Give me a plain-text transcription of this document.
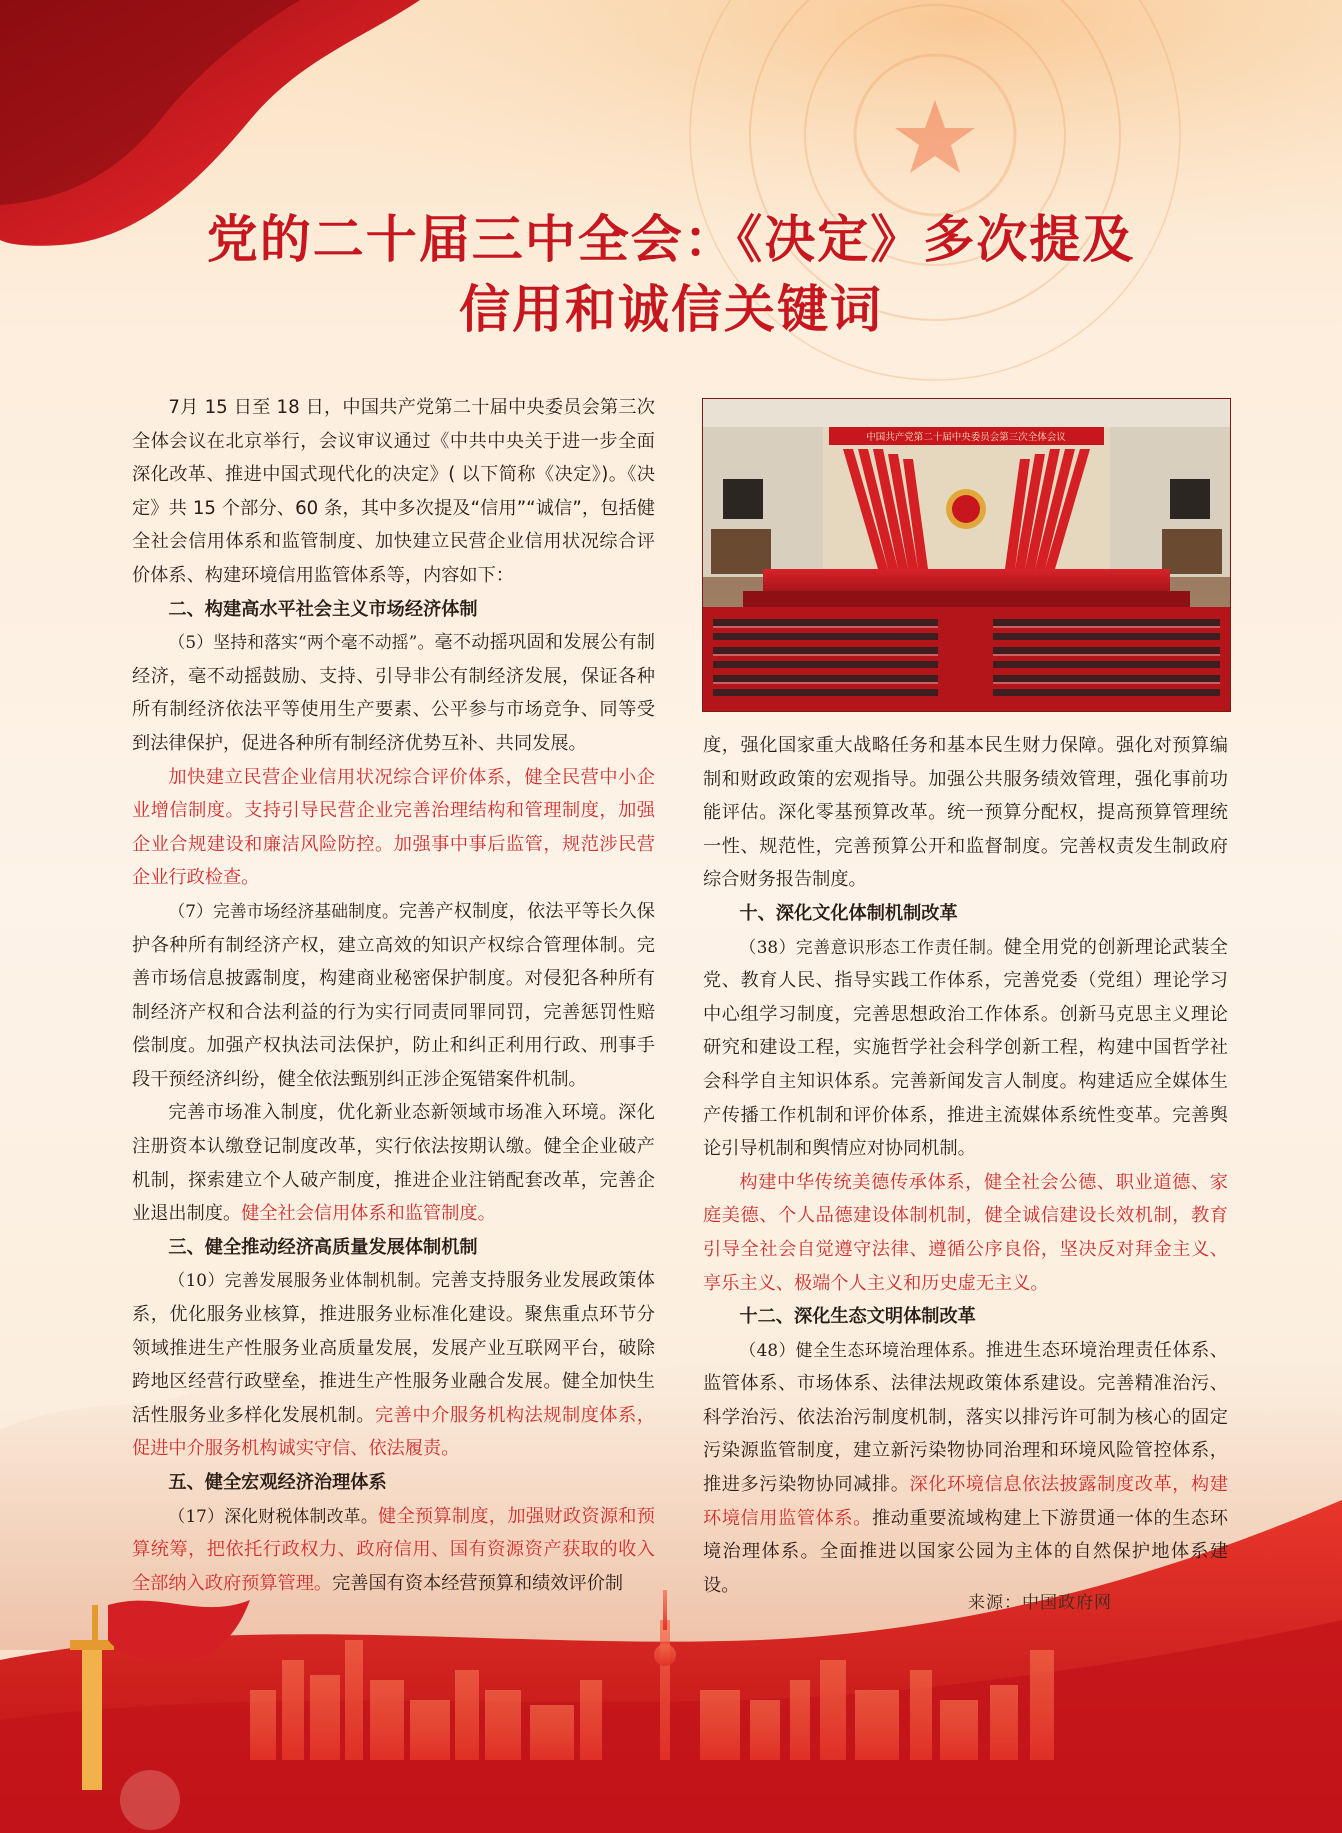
党的二十届三中全会：《决定》多次提及
信用和诚信关键词

7月 15 日至 18 日，中国共产党第二十届中央委员会第三次全体会议在北京举行，会议审议通过《中共中央关于进一步全面深化改革、推进中国式现代化的决定》( 以下简称《决定》)。《决定》共 15 个部分、60 条，其中多次提及“信用”“诚信”，包括健全社会信用体系和监管制度、加快建立民营企业信用状况综合评价体系、构建环境信用监管体系等，内容如下：

二、构建高水平社会主义市场经济体制

（5）坚持和落实“两个毫不动摇”。毫不动摇巩固和发展公有制经济，毫不动摇鼓励、支持、引导非公有制经济发展，保证各种所有制经济依法平等使用生产要素、公平参与市场竞争、同等受到法律保护，促进各种所有制经济优势互补、共同发展。

加快建立民营企业信用状况综合评价体系，健全民营中小企业增信制度。支持引导民营企业完善治理结构和管理制度，加强企业合规建设和廉洁风险防控。加强事中事后监管，规范涉民营企业行政检查。

（7）完善市场经济基础制度。完善产权制度，依法平等长久保护各种所有制经济产权，建立高效的知识产权综合管理体制。完善市场信息披露制度，构建商业秘密保护制度。对侵犯各种所有制经济产权和合法利益的行为实行同责同罪同罚，完善惩罚性赔偿制度。加强产权执法司法保护，防止和纠正利用行政、刑事手段干预经济纠纷，健全依法甄别纠正涉企冤错案件机制。

完善市场准入制度，优化新业态新领域市场准入环境。深化注册资本认缴登记制度改革，实行依法按期认缴。健全企业破产机制，探索建立个人破产制度，推进企业注销配套改革，完善企业退出制度。健全社会信用体系和监管制度。

三、健全推动经济高质量发展体制机制

（10）完善发展服务业体制机制。完善支持服务业发展政策体系，优化服务业核算，推进服务业标准化建设。聚焦重点环节分领域推进生产性服务业高质量发展，发展产业互联网平台，破除跨地区经营行政壁垒，推进生产性服务业融合发展。健全加快生活性服务业多样化发展机制。完善中介服务机构法规制度体系，促进中介服务机构诚实守信、依法履责。

五、健全宏观经济治理体系

（17）深化财税体制改革。健全预算制度，加强财政资源和预算统筹，把依托行政权力、政府信用、国有资源资产获取的收入全部纳入政府预算管理。完善国有资本经营预算和绩效评价制

中国共产党第二十届中央委员会第三次全体会议

度，强化国家重大战略任务和基本民生财力保障。强化对预算编制和财政政策的宏观指导。加强公共服务绩效管理，强化事前功能评估。深化零基预算改革。统一预算分配权，提高预算管理统一性、规范性，完善预算公开和监督制度。完善权责发生制政府综合财务报告制度。

十、深化文化体制机制改革

（38）完善意识形态工作责任制。健全用党的创新理论武装全党、教育人民、指导实践工作体系，完善党委（党组）理论学习中心组学习制度，完善思想政治工作体系。创新马克思主义理论研究和建设工程，实施哲学社会科学创新工程，构建中国哲学社会科学自主知识体系。完善新闻发言人制度。构建适应全媒体生产传播工作机制和评价体系，推进主流媒体系统性变革。完善舆论引导机制和舆情应对协同机制。

构建中华传统美德传承体系，健全社会公德、职业道德、家庭美德、个人品德建设体制机制，健全诚信建设长效机制，教育引导全社会自觉遵守法律、遵循公序良俗，坚决反对拜金主义、享乐主义、极端个人主义和历史虚无主义。

十二、深化生态文明体制改革

（48）健全生态环境治理体系。推进生态环境治理责任体系、监管体系、市场体系、法律法规政策体系建设。完善精准治污、科学治污、依法治污制度机制，落实以排污许可制为核心的固定污染源监管制度，建立新污染物协同治理和环境风险管控体系，推进多污染物协同减排。深化环境信息依法披露制度改革，构建环境信用监管体系。推动重要流域构建上下游贯通一体的生态环境治理体系。全面推进以国家公园为主体的自然保护地体系建设。

来源：中国政府网
